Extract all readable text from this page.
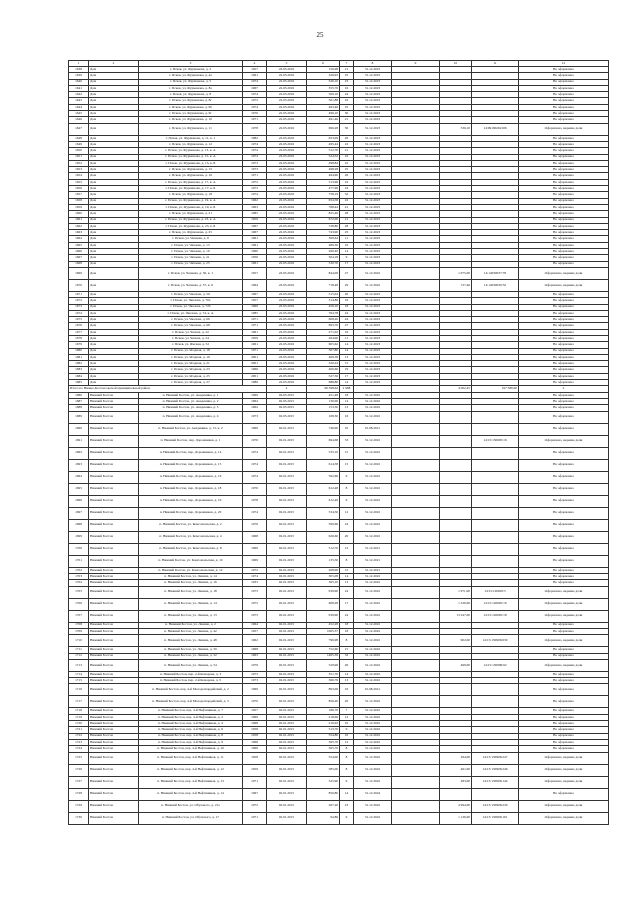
25
1	2	3	4	5	6	7	8	9	10	11	12
1638	Дом	г. Псков, ул. Фурманова, д. 2	1957	22.03.2016	156,98	21	31.12.2023				Не оформлено
1639	Дом	г. Псков, ул. Фурманова, д. 4а	1961	22.03.2016	326,93	25	31.12.2023				Не оформлено
1640	Дом	г. Псков, ул. Фурманова, д. 5	1974	22.03.2016	526,10	23	31.12.2023				Не оформлено
1641	Дом	г. Псков, ул. Фурманова, д. 8а	1967	22.03.2016	355,76	16	31.12.2023				Не оформлено
1642	Дом	г. Псков, ул. Фурманова, д. 8	1974	22.03.2016	509,16	24	31.12.2023				Не оформлено
1643	Дом	г. Псков, ул. Фурманова, д. 8г	1972	22.03.2016	501,88	22	31.12.2023				Не оформлено
1644	Дом	г. Псков, ул. Фурманова, д. 9б	1974	22.03.2016	463,46	25	31.12.2023				Не оформлено
1645	Дом	г. Псков, ул. Фурманова, д. 9г	1976	22.03.2016	496,10	30	31.12.2023				Не оформлено
1646	Дом	г. Псков, ул. Фурманова, д. 10	1971	22.03.2016	491,46	21	31.12.2023				Не оформлено
1647	Дом	г. Псков, ул. Фурманова, д. 11	1978	22.03.2016	696,28	30	31.12.2023		536,10	14:09190262106	Оформлено, ведение доли
1648	Дом	г. Псков, ул. Фурманова, д. 11, к. 1	1982	22.03.2016	653,09	26	31.12.2023				Не оформлено
1649	Дом	г. Псков, ул. Фурманова, д. 12	1974	22.03.2016	495,44	22	31.12.2023				Не оформлено
1650	Дом	г. Псков, ул. Фурманова, д. 13, к. А	1974	22.03.2016	512,76	21	31.12.2023				Не оформлено
1651	Дом	г. Псков, ул. Фурманова, д. 15, к. А	1974	22.03.2016	524,52	22	31.12.2023				Не оформлено
1652	Дом	г. Псков, ул. Фурманова, д. 15, к. Б	1973	22.03.2016	498,84	22	31.12.2023				Не оформлено
1653	Дом	г. Псков, ул. Фурманова, д. 15	1973	22.03.2016	498,28	25	31.12.2023				Не оформлено
1654	Дом	г. Псков, ул. Фурманова, д. 16	1971	22.03.2016	494,90	26	31.12.2023				Не оформлено
1655	Дом	г. Псков, ул. Фурманова, д. 17, к. А	1972	22.03.2016	513,96	22	31.12.2023				Не оформлено
1656	Дом	г. Псков, ул. Фурманова, д. 17, к. Б	1973	22.03.2016	477,96	24	31.12.2023				Не оформлено
1657	Дом	г. Псков, ул. Фурманова, д. 18	1974	22.03.2016	758,19	32	31.12.2023				Не оформлено
1658	Дом	г. Псков, ул. Фурманова, д. 19, к. А	1962	22.03.2016	654,58	22	31.12.2023				Не оформлено
1659	Дом	г. Псков, ул. Фурманова, д. 19, к. Б	1963	22.03.2016	768,44	41	31.12.2023				Не оформлено
1660	Дом	г. Псков, ул. Фурманова, д. 21	1985	22.03.2016	825,46	28	31.12.2023				Не оформлено
1661	Дом	г. Псков, ул. Фурманова, д. 23, к. А	1959	22.03.2016	672,00	21	31.12.2023				Не оформлено
1662	Дом	г. Псков, ул. Фурманова, д. 23, к. Б	1967	22.03.2016	728,80	28	31.12.2023				Не оформлено
1663	Дом	г. Псков, ул. Фурманова, д. 25	1967	22.03.2016	743,90	25	31.12.2023				Не оформлено
1664	Дом	г. Псков, ул. Чапаева, д. 9	1961	22.03.2016	309,64	11	31.12.2023				Не оформлено
1665	Дом	г. Псков, ул. Чапаева, д. 13	1961	22.03.2016	489,30	16	31.12.2023				Не оформлено
1666	Дом	г. Псков, ул. Чапаева, д. 19	1960	22.03.2016	290,40	14	31.12.2023				Не оформлено
1667	Дом	г. Псков, ул. Чапаева, д. 21	1956	22.03.2016	304,18	9	31.12.2023				Не оформлено
1668	Дом	г. Псков, ул. Чапаева, д. 25	1961	22.03.2016	530,70	17	31.12.2023				Не оформлено
1669	Дом	г. Псков, ул. Чапаева, д. 30, к. 1	1957	22.03.2016	844,09	27	31.12.2022		1 075,00	14:14030037:79	Оформлено, ведение доли
1670	Дом	г. Псков, ул. Чапаева, д. 37, к. 6	1964	22.03.2016	718,48	29	31.12.2022		727,46	14:14030030:32	Оформлено, ведение доли
1671	Дом	г. Псков, ул. Чкалова, д. 59	1967	22.03.2016	515,04	20	31.12.2023				Не оформлено
1672	Дом	г. Псков, ул. Чкалова, д. 70а	1957	22.03.2016	314,86	16	31.12.2023				Не оформлено
1673	Дом	г. Псков, ул. Чкалова, д. 72б	1969	22.03.2016	456,16	18	31.12.2023				Не оформлено
1674	Дом	г. Псков, ул. Чкалова, д. 74, к. А	1985	22.03.2016	764,78	24	31.12.2023				Не оформлено
1675	Дом	г. Псков, ул. Чкалова, д. 66	1971	22.03.2016	608,20	24	31.12.2023				Не оформлено
1676	Дом	г. Псков, ул. Чкалова, д. 68	1971	22.03.2016	693,70	27	31.12.2023				Не оформлено
1677	Дом	г. Псков, ул. Чехова, д. 22	1961	22.03.2016	271,02	16	31.12.2023				Не оформлено
1678	Дом	г. Псков, ул. Чехова, д. 24	1959	22.03.2016	264,90	11	31.12.2023				Не оформлено
1679	Дом	г. Псков, ул. Ямская, д. 52	1961	22.03.2016	605,62	14	31.12.2023				Не оформлено
1680	Дом	г. Псков, ул. Ягодная, д. 18	1971	22.03.2016	307,80	14	31.12.2023				Не оформлено
1681	Дом	г. Псков, ул. Ягодная, д. 19	2001	22.03.2016	469,38	13	31.12.2023				Не оформлено
1682	Дом	г. Псков, ул. Ягодная, д. 21	2001	22.03.2016	320,24	15	31.12.2023				Не оформлено
1683	Дом	г. Псков, ул. Ягодная, д. 23	1966	22.03.2016	400,60	19	31.12.2023				Не оформлено
1684	Дом	г. Псков, ул. Ягодная, д. 25	2001	22.03.2016	527,56	17	31.12.2023				Не оформлено
1685	Дом	г. Псков, ул. Ягодная, д. 27	1986	22.03.2016	688,80	14	31.12.2023				Не оформлено
Итого по Нижне-Костопольской муниципальной район				х	66 598,62	2 998			4 002,45	197 580,00	х
1686	Нижний Бостон	п. Нижний Бостон, ул. Академика, д. 1	1969	02.03.2015	451,48	18	31.12.2022				Не оформлено
1687	Нижний Бостон	п. Нижний Бостон, ул. Академика, д. 2	1964	02.03.2015	130,06	14	31.12.2022				Не оформлено
1688	Нижний Бостон	п. Нижний Бостон, ул. Академика, д. 3	1962	02.03.2015	153,30	13	31.12.2022				Не оформлено
1689	Нижний Бостон	п. Нижний Бостон, ул. Академика, д. 4	1973	02.03.2015	168,30	16	31.12.2022				Не оформлено
1690	Нижний Бостон	п. Нижний Бостон, ул. Академика, д. 15, к. 2	1999	02.01.2015	746,90	10	01.08.2021				Не оформлено
1691	Нижний Бостон	п. Нижний Бостон, пер. Дорожников, д. 1	1976	02.01.2015	694,68	33	31.12.2022			14:15:130605:16	Оформлено, ведение доли
1692	Нижний Бостон	п. Нижний Бостон, пер. Дорожников, д. 14	1974	02.01.2015	535,10	15	31.12.2022				Не оформлено
1693	Нижний Бостон	п. Нижний Бостон, пер. Дорожников, д. 15	1974	02.01.2015	614,58	15	31.12.2022				Не оформлено
1694	Нижний Бостон	п. Нижний Бостон, пер. Дорожников, д. 16	1974	02.01.2015	592,66	9	31.12.2022				Не оформлено
1695	Нижний Бостон	п. Нижний Бостон, пер. Дорожников, д. 18	1976	02.01.2015	612,48	8	31.12.2022				Не оформлено
1696	Нижний Бостон	п. Нижний Бостон, пер. Дорожников, д. 19	1978	02.01.2015	612,46	9	31.12.2022				Не оформлено
1697	Нижний Бостон	п. Нижний Бостон, пер. Дорожников, д. 20	1974	02.01.2015	534,50	12	31.12.2022				Не оформлено
1698	Нижний Бостон	п. Нижний Бостон, ул. Комсомольская, д. 2	1976	02.01.2015	590,66	24	31.12.2022				Не оформлено
1699	Нижний Бостон	п. Нижний Бостон, ул. Комсомольская, д. 4	1968	02.01.2015	626,60	20	31.12.2022				Не оформлено
1700	Нижний Бостон	п. Нижний Бостон, ул. Комсомольская, д. 8	1969	02.01.2015	512,70	12	31.12.2021				Не оформлено
1701	Нижний Бостон	п. Нижний Бостон, ул. Комсомольская, д. 10	1969	02.01.2015	135,50	8	31.12.2021				Не оформлено
1702	Нижний Бостон	п. Нижний Бостон, ул. Комсомольская, д. 12	1972	02.01.2015	208,96	15	31.12.2021				Не оформлено
1703	Нижний Бостон	п. Нижний Бостон, ул. Ленина, д. 14	1974	02.01.2015	305,08	14	31.12.2022				Не оформлено
1704	Нижний Бостон	п. Нижний Бостон, ул. Ленина, д. 16	1933	02.01.2015	365,10	13	31.12.2022				Не оформлено
1705	Нижний Бостон	п. Нижний Бостон, ул. Ленина, д. 18	1975	02.01.2015	939,90	24	31.12.2022		1 971,00	14:15:120605:5	Оформлено, ведение доли
1706	Нижний Бостон	п. Нижний Бостон, ул. Ленина, д. 14	1975	02.01.2015	608,28	17	31.12.2022		1 329,00	14:15:120605:16	Оформлено, ведение доли
1707	Нижний Бостон	п. Нижний Бостон, ул. Ленина, д. 13	1975	02.01.2015	939,90	24	31.12.2022		13 247,00	14:15:120605:18	Оформлено, ведение доли
1708	Нижний Бостон	п. Нижний Бостон, ул. Ленина, д. 2	1964	02.01.2015	452,28	18	31.12.2022				Не оформлено
1709	Нижний Бостон	п. Нижний Бостон, ул. Ленина, д. 42	1957	02.01.2015	1005,37	18	31.12.2022				Не оформлено
1710	Нижний Бостон	п. Нижний Бостон, ул. Ленина, д. 48	1962	02.01.2015	796,98	8	31.12.2022		902,00	14:15:130906:630	Оформлено, ведение доли
1711	Нижний Бостон	п. Нижний Бостон, ул. Ленина, д. 50	1968	02.01.2015	752,60	15	31.12.2022				Не оформлено
1712	Нижний Бостон	п. Нижний Бостон, ул. Ленина, д. 52	1963	02.01.2015	1465,39	32	31.12.2022				Не оформлено
1713	Нижний Бостон	п. Нижний Бостон, ул. Ленина, д. 54	1979	02.01.2015	529,96	26	31.12.2022		499,00	14:15:130906:92	Оформлено, ведение доли
1714	Нижний Бостон	п. Нижний Бостон, пер. 2-й Комарова, д. 3	1973	02.01.2015	351,70	14	31.12.2022				Не оформлено
1715	Нижний Бостон	п. Нижний Бостон, пер. 2-й Комарова, д. 5	1973	02.01.2015	366,76	13	31.12.2022				Не оформлено
1716	Нижний Бостон	п. Нижний Бостон, пер. 4-й Молодогвардейский, д. 2	1969	02.01.2015	893,06	16	01.08.2021				Не оформлено
1717	Нижний Бостон	п. Нижний Бостон, пер. 4-й Молодогвардейский, д. 3	1970	02.01.2015	856,20	20	31.12.2022				Не оформлено
1718	Нижний Бостон	п. Нижний Бостон, пер. 4-й Нефтяников, д. 7	1957	02.01.2015	186,70	7	31.12.2022				Не оформлено
1719	Нижний Бостон	п. Нижний Бостон, пер. 4-й Нефтяников, д. 2	1969	02.01.2015	218,66	12	31.12.2022				Не оформлено
1720	Нижний Бостон	п. Нижний Бостон, пер. 4-й Нефтяников, д. 4	1968	02.01.2015	210,02	10	31.12.2022				Не оформлено
1721	Нижний Бостон	п. Нижний Бостон, пер. 4-й Нефтяников, д. 6	1958	02.01.2015	513,70	9	31.12.2022				Не оформлено
1722	Нижний Бостон	п. Нижний Бостон, пер. 4-й Нефтяников, д. 8	1958	02.01.2015	554,80	10	31.12.2022				Не оформлено
1723	Нижний Бостон	п. Нижний Бостон, пер. 4-й Нефтяников, д. 9	1968	02.01.2015	565,70	12	31.12.2022				Не оформлено
1724	Нижний Бостон	п. Нижний Бостон, пер. 4-й Нефтяников, д. 10	1966	02.01.2015	565,70	8	31.12.2022				Не оформлено
1725	Нижний Бостон	п. Нижний Бостон, пер. 4-й Нефтяников, д. 11	1958	02.01.2015	554,00	8	31.12.2022		294,00	14:15:130906:247	Оформлено, ведение доли
1726	Нижний Бостон	п. Нижний Бостон, пер. 4-й Нефтяников, д. 12	1959	02.01.2015	585,00	8	31.12.2022		461,00	14:15:130906:249	Оформлено, ведение доли
1727	Нижний Бостон	п. Нижний Бостон, пер. 4-й Нефтяников, д. 13	1971	02.01.2015	525,90	9	31.12.2022		283,00	14:15:130906:144	Оформлено, ведение доли
1728	Нижний Бостон	п. Нижний Бостон, пер. 4-й Нефтяников, д. 14	1967	02.01.2015	856,80	14	31.12.2024				Не оформлено
1729	Нижний Бостон	п. Нижний Бостон, ул. Обухового, д. 21а	1972	02.01.2015	267,20	23	31.12.2022		4 994,00	14:15:130906:230	Оформлено, ведение доли
1730	Нижний Бостон	п. Нижний Бостон, ул. Обухового, д. 17	1971	02.01.2015	94,86	9	31.12.2022		1 136,00	14:15:130606:161	Оформлено, ведение доли
